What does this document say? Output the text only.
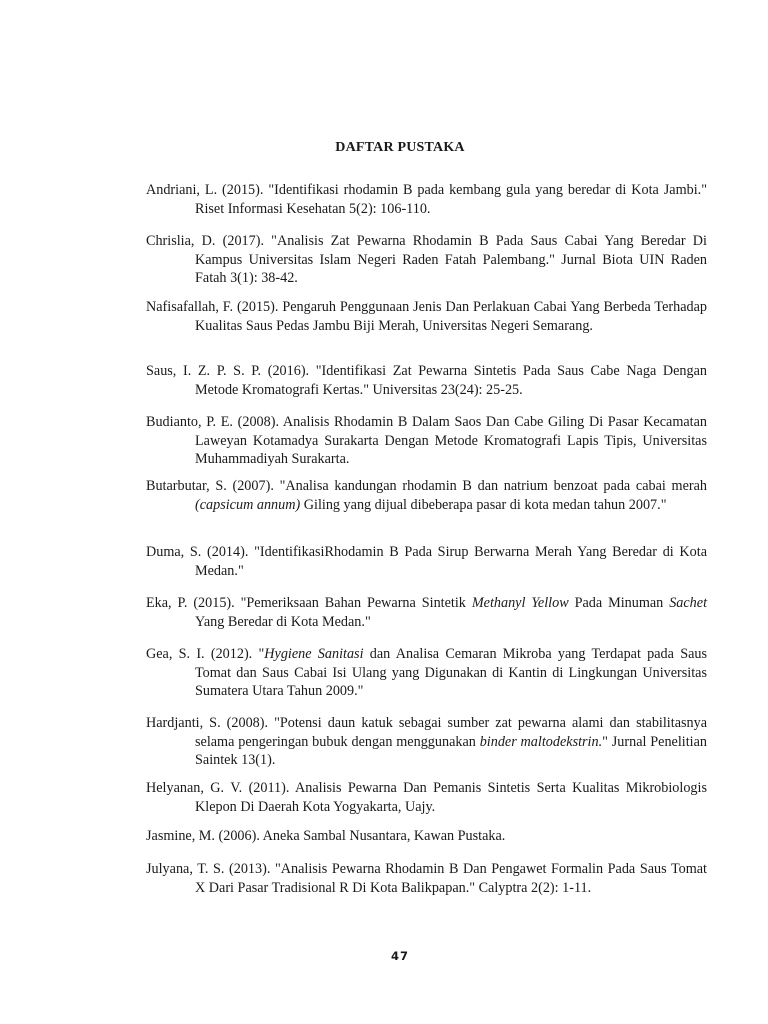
DAFTAR PUSTAKA
Andriani, L. (2015). "Identifikasi rhodamin B pada kembang gula yang beredar di Kota Jambi." Riset Informasi Kesehatan 5(2): 106-110.
Chrislia, D. (2017). "Analisis Zat Pewarna Rhodamin B Pada Saus Cabai Yang Beredar Di Kampus Universitas Islam Negeri Raden Fatah Palembang." Jurnal Biota UIN Raden Fatah 3(1): 38-42.
Nafisafallah, F. (2015). Pengaruh Penggunaan Jenis Dan Perlakuan Cabai Yang Berbeda Terhadap Kualitas Saus Pedas Jambu Biji Merah, Universitas Negeri Semarang.
Saus, I. Z. P. S. P. (2016). "Identifikasi Zat Pewarna Sintetis Pada Saus Cabe Naga Dengan Metode Kromatografi Kertas." Universitas 23(24): 25-25.
Budianto, P. E. (2008). Analisis Rhodamin B Dalam Saos Dan Cabe Giling Di Pasar Kecamatan Laweyan Kotamadya Surakarta Dengan Metode Kromatografi Lapis Tipis, Universitas Muhammadiyah Surakarta.
Butarbutar, S. (2007). "Analisa kandungan rhodamin B dan natrium benzoat pada cabai merah (capsicum annum) Giling yang dijual dibeberapa pasar di kota medan tahun 2007."
Duma, S. (2014). "IdentifikasiRhodamin B Pada Sirup Berwarna Merah Yang Beredar di Kota Medan."
Eka, P. (2015). "Pemeriksaan Bahan Pewarna Sintetik Methanyl Yellow Pada Minuman Sachet Yang Beredar di Kota Medan."
Gea, S. I. (2012). "Hygiene Sanitasi dan Analisa Cemaran Mikroba yang Terdapat pada Saus Tomat dan Saus Cabai Isi Ulang yang Digunakan di Kantin di Lingkungan Universitas Sumatera Utara Tahun 2009."
Hardjanti, S. (2008). "Potensi daun katuk sebagai sumber zat pewarna alami dan stabilitasnya selama pengeringan bubuk dengan menggunakan binder maltodekstrin." Jurnal Penelitian Saintek 13(1).
Helyanan, G. V. (2011). Analisis Pewarna Dan Pemanis Sintetis Serta Kualitas Mikrobiologis Klepon Di Daerah Kota Yogyakarta, Uajy.
Jasmine, M. (2006). Aneka Sambal Nusantara, Kawan Pustaka.
Julyana, T. S. (2013). "Analisis Pewarna Rhodamin B Dan Pengawet Formalin Pada Saus Tomat X Dari Pasar Tradisional R Di Kota Balikpapan." Calyptra 2(2): 1-11.
47
